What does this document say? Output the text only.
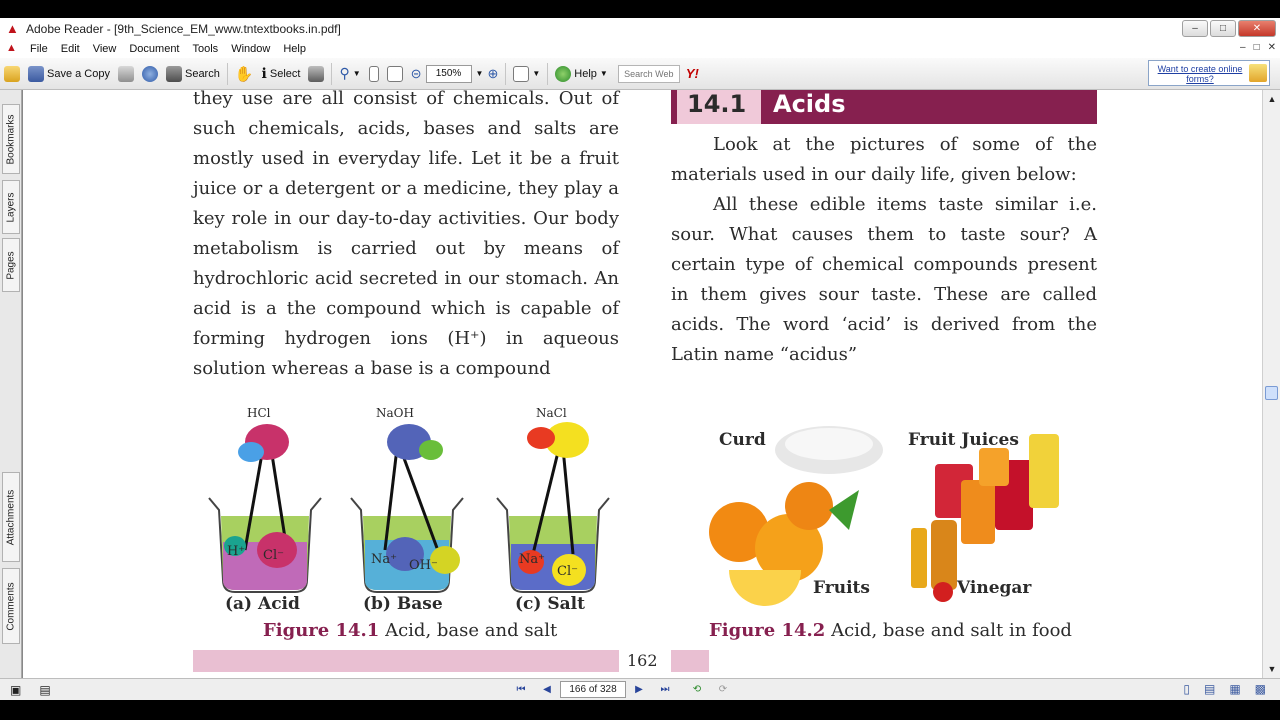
▲ Adobe Reader - [9th_Science_EM_www.tntextbooks.in.pdf]	–	□	✕
▲	File	Edit	View	Document	Tools	Window	Help	– □ ✕
Save a Copy	Search ✋ ℹ Select	⚲ ▼	⊝	150%	▼ ⊕	▼	Help ▼
Search Web	Y!	Want to create online forms?
Bookmarks
Layers
Pages
Attachments
Comments

they use are all consist of chemicals. Out of such chemicals, acids, bases and salts are mostly used in everyday life. Let it be a fruit juice or a detergent or a medicine, they play a key role in our day-to-day activities. Our body metabolism is carried out by means of hydrochloric acid secreted in our stomach. An acid is a the compound which is capable of forming hydrogen ions (H⁺) in aqueous solution whereas a base is a compound

14.1	Acids

Look at the pictures of some of the materials used in our daily life, given below:

All these edible items taste similar i.e. sour. What causes them to taste sour? A certain type of chemical compounds present in them gives sour taste. These are called acids. The word ‘acid’ is derived from the Latin name “acidus”

HCl	NaOH	NaCl
H⁺ Cl⁻	Na⁺ OH⁻	Na⁺
Cl⁻
(a) Acid	(b) Base	(c) Salt
Figure 14.1 Acid, base and salt
Curd	Fruit Juices
Fruits	Vinegar
Figure 14.2 Acid, base and salt in food
162
▲
▼
▣ ▤	⏮	◀	166 of 328	▶	⏭	⟲	⟳	▯ ▤ ▦ ▩
